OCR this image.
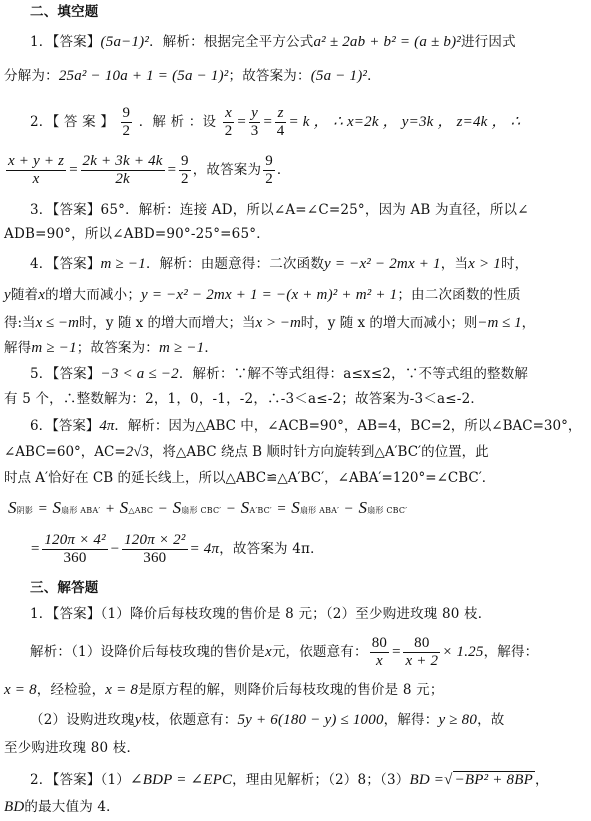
二、填空题
1．【答案】(5a−1)²．解析：根据完全平方公式a² ± 2ab + b² = (a ± b)²进行因式
分解为：25a² − 10a + 1 = (5a − 1)²；故答案为：(5a − 1)²．
2．【 答 案 】 $\frac{9}{2}$ ．解 析 ：设 $\frac{x}{2} = \frac{y}{3} = \frac{z}{4} = k$ ， ∴ x=2k ， y=3k ， z=4k ， ∴
$\frac{x + y + z}{x} = \frac{2k + 3k + 4k}{2k} = \frac{9}{2}$ ，故答案为 $\frac{9}{2}$ ．
3．【答案】65°．解析：连接 AD，所以∠A=∠C=25°，因为 AB 为直径，所以∠
ADB=90°，所以∠ABD=90°-25°=65°．
4．【答案】m ≥ −1．解析：由题意得：二次函数y = −x² − 2mx + 1，当x > 1时，
y随着x的增大而减小；y = −x² − 2mx + 1 = −(x + m)² + m² + 1；由二次函数的性质
得:当x ≤ −m时，y 随 x 的增大而增大；当x > −m时，y 随 x 的增大而减小；则−m ≤ 1，
解得m ≥ −1；故答案为：m ≥ −1．
5．【答案】−3 < a ≤ −2．解析：∵解不等式组得：a≤x≤2，∵不等式组的整数解
有 5 个，∴整数解为：2，1，0，-1，-2，∴-3＜a≤-2；故答案为-3＜a≤-2．
6．【答案】4π．解析：因为△ABC 中，∠ACB=90°，AB=4，BC=2，所以∠BAC=30°，
∠ABC=60°，AC=2√3，将△ABC 绕点 B 顺时针方向旋转到△A′BC′的位置，此
时点 A′恰好在 CB 的延长线上，所以△ABC≌△A′BC′，∠ABA′=120°=∠CBC′．
S阴影 = S扇形 ABA′ + S△ABC − S扇形 CBC′ − SA′BC′ = S扇形 ABA′ − S扇形 CBC′
= $\frac{\text{120π × 4²}}{360} - \frac{\text{120π × 2²}}{360} = 4\pi$，故答案为 4π．
三、解答题
1．【答案】（1）降价后每枝玫瑰的售价是 8 元；（2）至少购进玫瑰 80 枝．
解析：（1）设降价后每枝玫瑰的售价是x元，依题意有： $\frac{80}{x} = \frac{80}{x + 2} \times 1.25$，解得：
x = 8，经检验，x = 8是原方程的解，则降价后每枝玫瑰的售价是 8 元；
（2）设购进玫瑰y枝，依题意有：5y + 6(180 − y) ≤ 1000，解得：y ≥ 80，故
至少购进玫瑰 80 枝．
2．【答案】（1）∠BDP = ∠EPC，理由见解析；（2）8；（3）BD =√ −BP² + 8BP ，
BD的最大值为 4．
